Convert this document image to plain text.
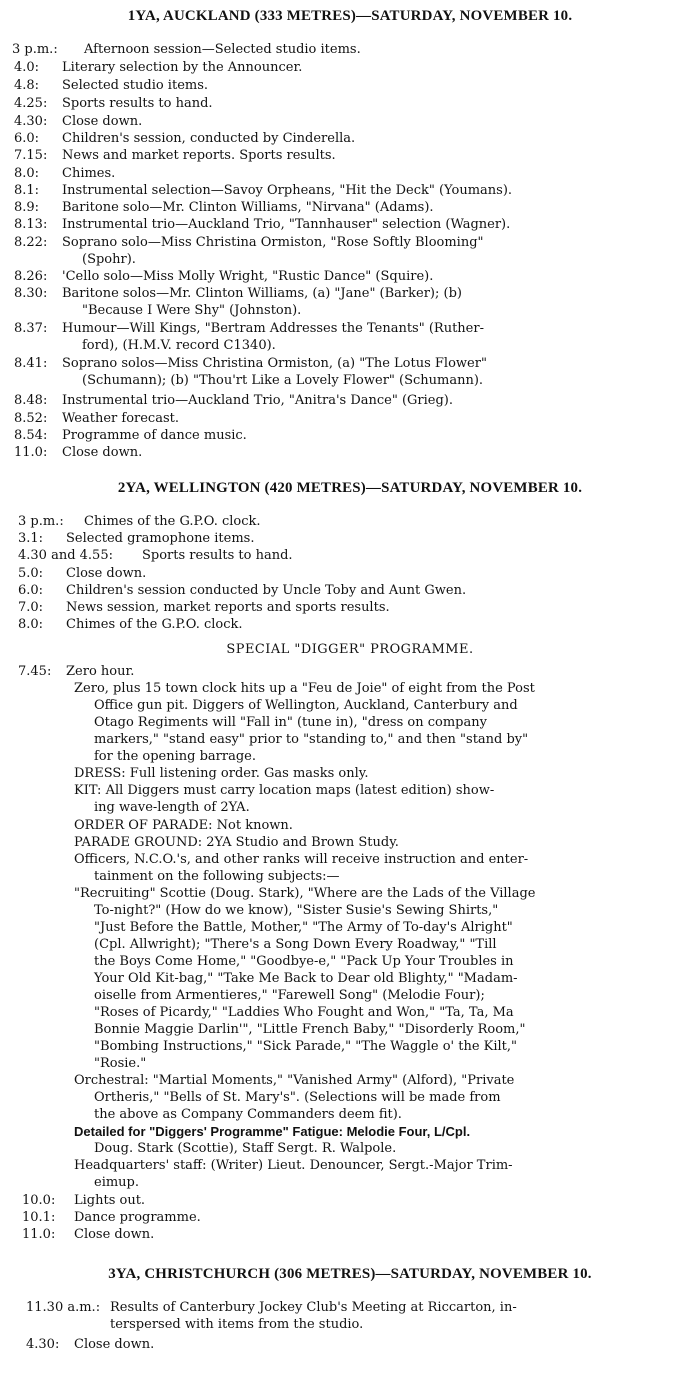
1YA, AUCKLAND (333 METRES)—SATURDAY, NOVEMBER 10.
3 p.m.: Afternoon session—Selected studio items.
4.0: Literary selection by the Announcer.
4.8: Selected studio items.
4.25: Sports results to hand.
4.30: Close down.
6.0: Children's session, conducted by Cinderella.
7.15: News and market reports. Sports results.
8.0: Chimes.
8.1: Instrumental selection—Savoy Orpheans, "Hit the Deck" (Youmans).
8.9: Baritone solo—Mr. Clinton Williams, "Nirvana" (Adams).
8.13: Instrumental trio—Auckland Trio, "Tannhauser" selection (Wagner).
8.22: Soprano solo—Miss Christina Ormiston, "Rose Softly Blooming"
(Spohr).
8.26: 'Cello solo—Miss Molly Wright, "Rustic Dance" (Squire).
8.30: Baritone solos—Mr. Clinton Williams, (a) "Jane" (Barker); (b)
"Because I Were Shy" (Johnston).
8.37: Humour—Will Kings, "Bertram Addresses the Tenants" (Ruther-
ford), (H.M.V. record C1340).
8.41: Soprano solos—Miss Christina Ormiston, (a) "The Lotus Flower"
(Schumann); (b) "Thou'rt Like a Lovely Flower" (Schumann).
8.48: Instrumental trio—Auckland Trio, "Anitra's Dance" (Grieg).
8.52: Weather forecast.
8.54: Programme of dance music.
11.0: Close down.
2YA, WELLINGTON (420 METRES)—SATURDAY, NOVEMBER 10.
3 p.m.: Chimes of the G.P.O. clock.
3.1: Selected gramophone items.
4.30 and 4.55: Sports results to hand.
5.0: Close down.
6.0: Children's session conducted by Uncle Toby and Aunt Gwen.
7.0: News session, market reports and sports results.
8.0: Chimes of the G.P.O. clock.
SPECIAL "DIGGER" PROGRAMME.
7.45: Zero hour.
Zero, plus 15 town clock hits up a "Feu de Joie" of eight from the Post
Office gun pit. Diggers of Wellington, Auckland, Canterbury and
Otago Regiments will "Fall in" (tune in), "dress on company
markers," "stand easy" prior to "standing to," and then "stand by"
for the opening barrage.
DRESS: Full listening order. Gas masks only.
KIT: All Diggers must carry location maps (latest edition) show-
ing wave-length of 2YA.
ORDER OF PARADE: Not known.
PARADE GROUND: 2YA Studio and Brown Study.
Officers, N.C.O.'s, and other ranks will receive instruction and enter-
tainment on the following subjects:—
"Recruiting" Scottie (Doug. Stark), "Where are the Lads of the Village
To-night?" (How do we know), "Sister Susie's Sewing Shirts,"
"Just Before the Battle, Mother," "The Army of To-day's Alright"
(Cpl. Allwright); "There's a Song Down Every Roadway," "Till
the Boys Come Home," "Goodbye-e," "Pack Up Your Troubles in
Your Old Kit-bag," "Take Me Back to Dear old Blighty," "Madam-
oiselle from Armentieres," "Farewell Song" (Melodie Four);
"Roses of Picardy," "Laddies Who Fought and Won," "Ta, Ta, Ma
Bonnie Maggie Darlin'", "Little French Baby," "Disorderly Room,"
"Bombing Instructions," "Sick Parade," "The Waggle o' the Kilt,"
"Rosie."
Orchestral: "Martial Moments," "Vanished Army" (Alford), "Private
Ortheris," "Bells of St. Mary's". (Selections will be made from
the above as Company Commanders deem fit).
Detailed for "Diggers' Programme" Fatigue: Melodie Four, L/Cpl.
Doug. Stark (Scottie), Staff Sergt. R. Walpole.
Headquarters' staff: (Writer) Lieut. Denouncer, Sergt.-Major Trim-
eimup.
10.0: Lights out.
10.1: Dance programme.
11.0: Close down.
3YA, CHRISTCHURCH (306 METRES)—SATURDAY, NOVEMBER 10.
11.30 a.m.: Results of Canterbury Jockey Club's Meeting at Riccarton, in-
terspersed with items from the studio.
4.30: Close down.
